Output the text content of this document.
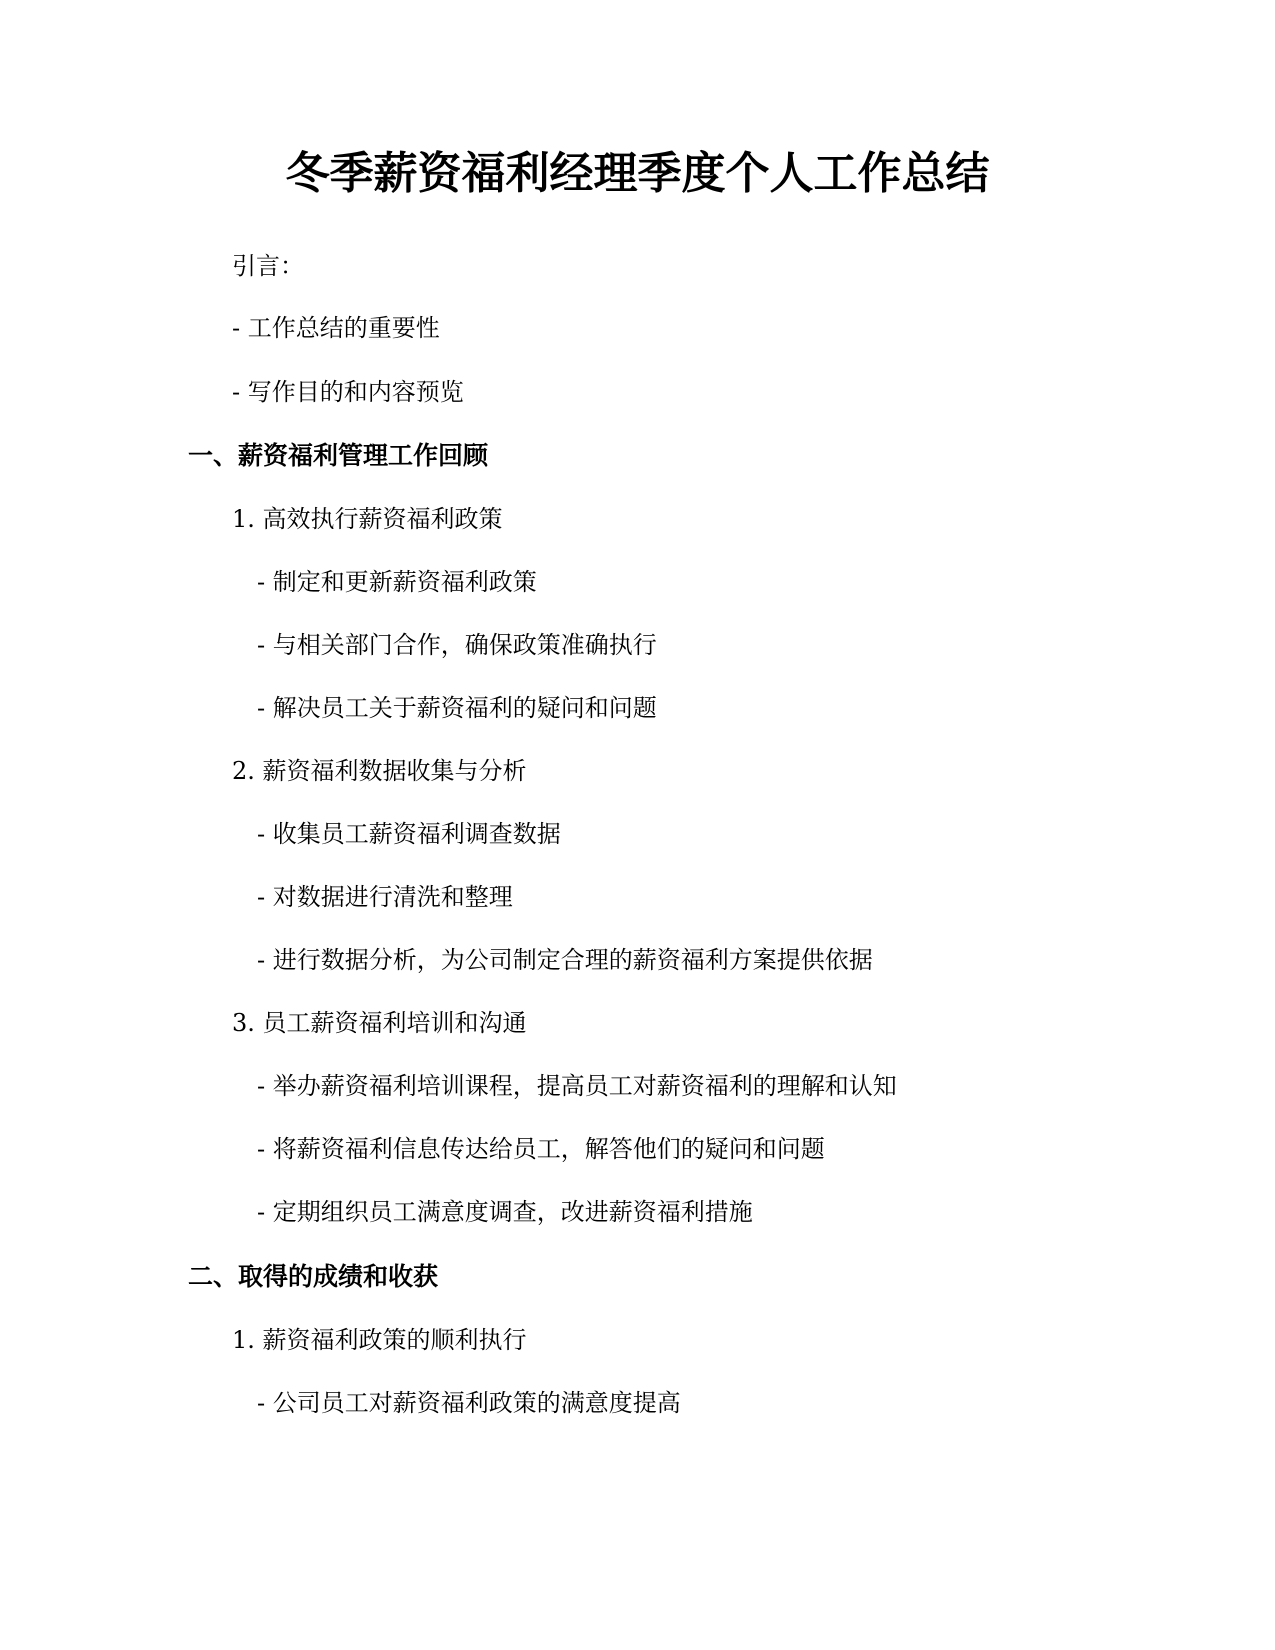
冬季薪资福利经理季度个人工作总结
引言：
- 工作总结的重要性
- 写作目的和内容预览
一、薪资福利管理工作回顾
1. 高效执行薪资福利政策
- 制定和更新薪资福利政策
- 与相关部门合作，确保政策准确执行
- 解决员工关于薪资福利的疑问和问题
2. 薪资福利数据收集与分析
- 收集员工薪资福利调查数据
- 对数据进行清洗和整理
- 进行数据分析，为公司制定合理的薪资福利方案提供依据
3. 员工薪资福利培训和沟通
- 举办薪资福利培训课程，提高员工对薪资福利的理解和认知
- 将薪资福利信息传达给员工，解答他们的疑问和问题
- 定期组织员工满意度调查，改进薪资福利措施
二、取得的成绩和收获
1. 薪资福利政策的顺利执行
- 公司员工对薪资福利政策的满意度提高
